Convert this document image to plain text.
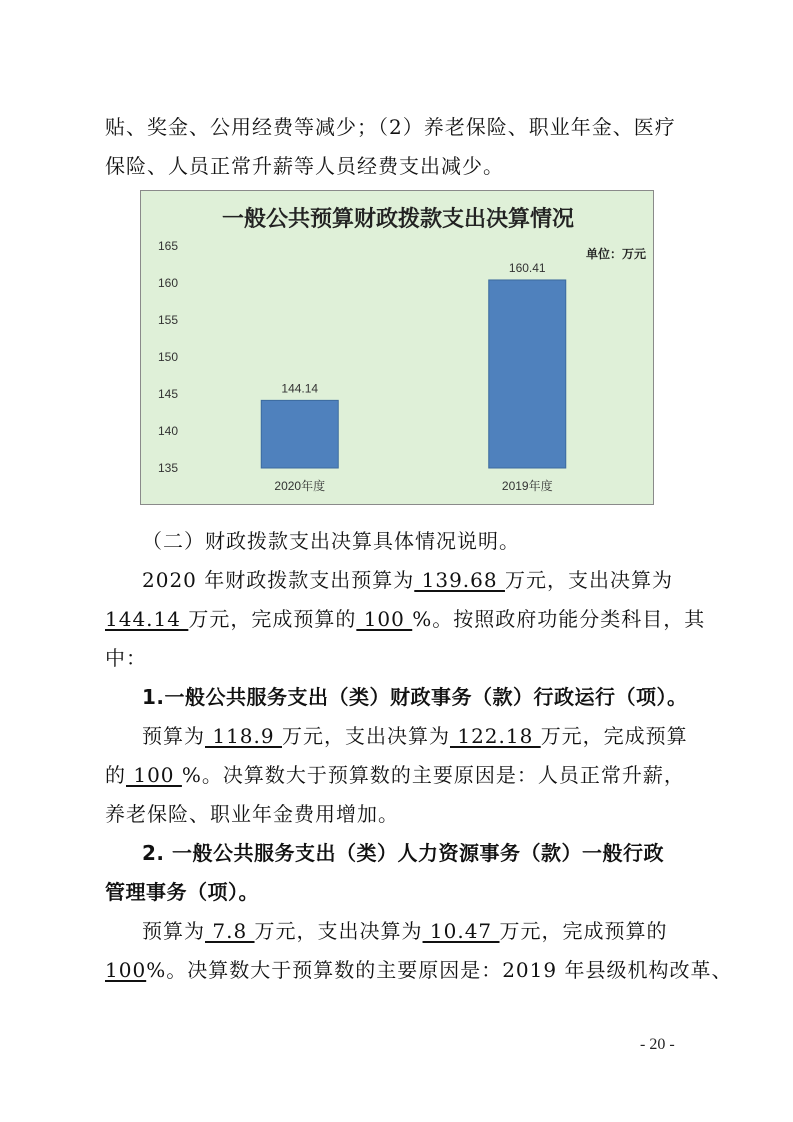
贴、奖金、公用经费等减少；（2）养老保险、职业年金、医疗
保险、人员正常升薪等人员经费支出减少。
一般公共预算财政拨款支出决算情况
单位：万元
135
140
145
150
155
160
165
144.14
160.41
2020年度	2019年度
（二）财政拨款支出决算具体情况说明。
2020 年财政拨款支出预算为 139.68 万元，支出决算为
144.14 万元，完成预算的 100 %。按照政府功能分类科目，其
中：
1.一般公共服务支出（类）财政事务（款）行政运行（项）。
预算为 118.9 万元，支出决算为 122.18 万元，完成预算
的 100 %。决算数大于预算数的主要原因是：人员正常升薪，
养老保险、职业年金费用增加。
2. 一般公共服务支出（类）人力资源事务（款）一般行政
管理事务（项）。
预算为 7.8 万元，支出决算为 10.47 万元，完成预算的
100%。决算数大于预算数的主要原因是：2019 年县级机构改革、
- 20 -
